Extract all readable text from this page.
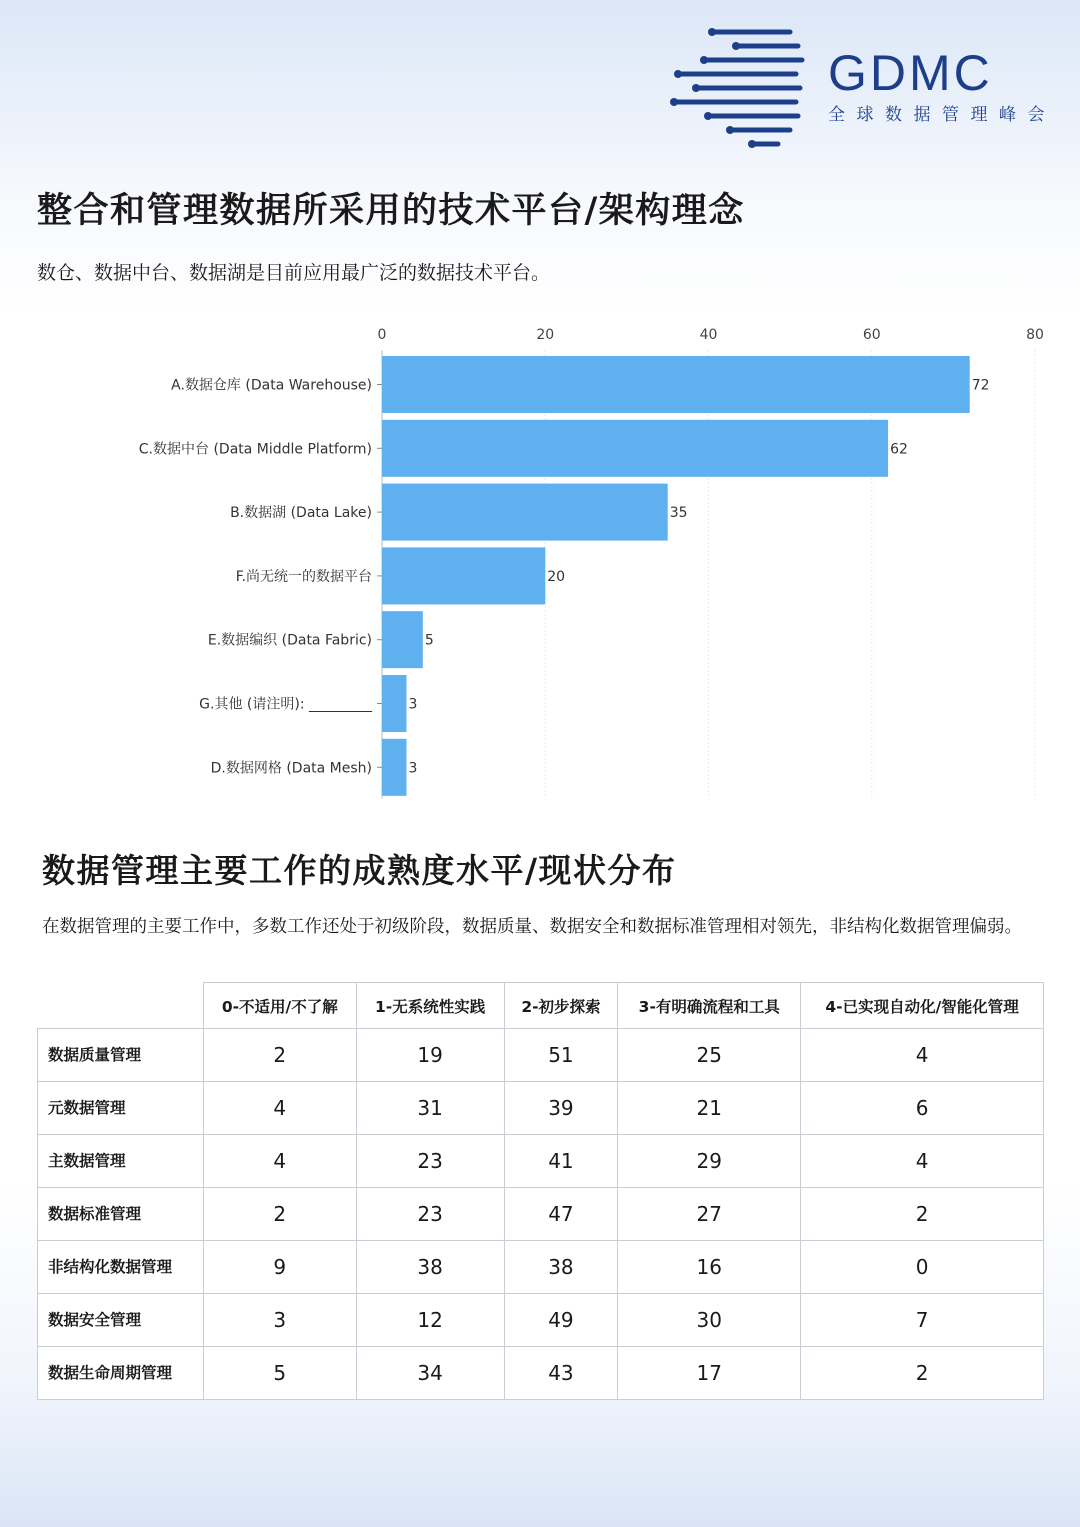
GDMC
全球数据管理峰会
整合和管理数据所采用的技术平台/架构理念
数仓、数据中台、数据湖是目前应用最广泛的数据技术平台。
0	20	40	60	80
A.数据仓库 (Data Warehouse)	72
C.数据中台 (Data Middle Platform)	62
B.数据湖 (Data Lake)	35
F.尚无统一的数据平台	20
E.数据编织 (Data Fabric)	5
G.其他 (请注明): _________	3
D.数据网格 (Data Mesh)	3
数据管理主要工作的成熟度水平/现状分布
在数据管理的主要工作中，多数工作还处于初级阶段，数据质量、数据安全和数据标准管理相对领先，非结构化数据管理偏弱。
	0-不适用/不了解	1-无系统性实践	2-初步探索	3-有明确流程和工具	4-已实现自动化/智能化管理
数据质量管理	2	19	51	25	4
元数据管理	4	31	39	21	6
主数据管理	4	23	41	29	4
数据标准管理	2	23	47	27	2
非结构化数据管理	9	38	38	16	0
数据安全管理	3	12	49	30	7
数据生命周期管理	5	34	43	17	2
